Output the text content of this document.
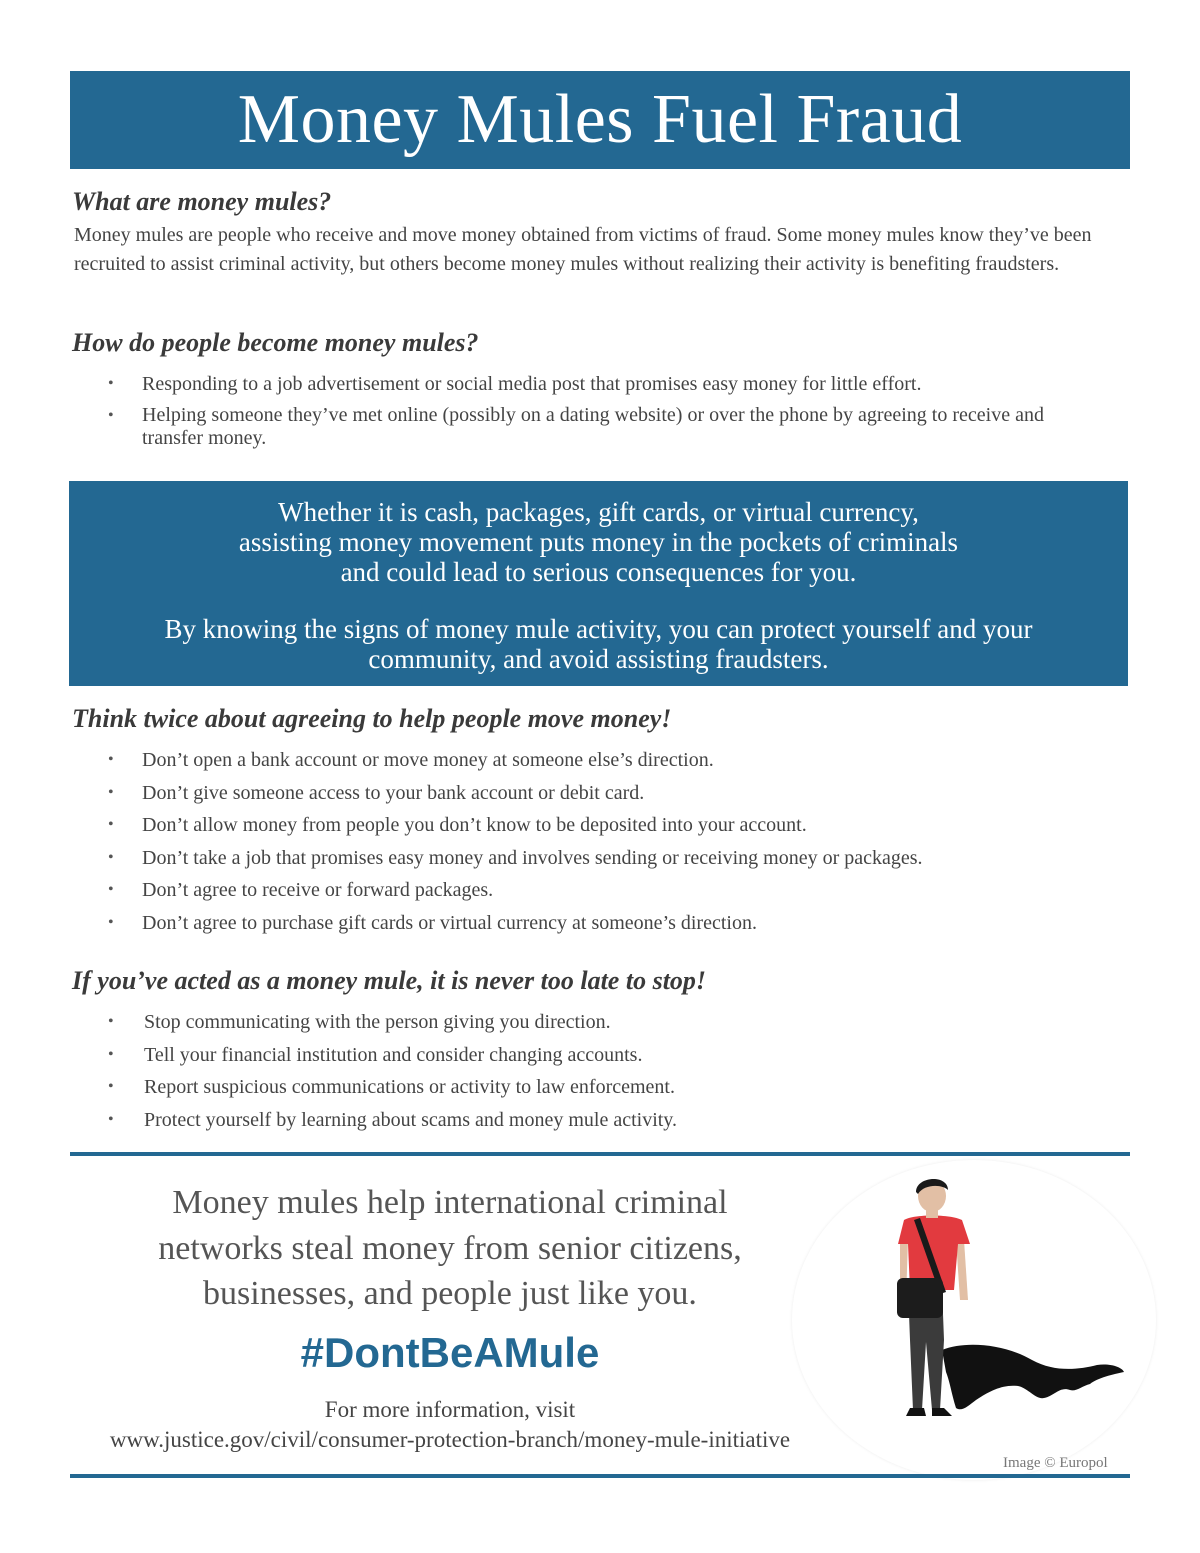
Money Mules Fuel Fraud
What are money mules?

Money mules are people who receive and move money obtained from victims of fraud. Some money mules know they’ve been recruited to assist criminal activity, but others become money mules without realizing their activity is benefiting fraudsters.

How do people become money mules?
• Responding to a job advertisement or social media post that promises easy money for little effort.
• Helping someone they’ve met online (possibly on a dating website) or over the phone by agreeing to receive and transfer money.

Whether it is cash, packages, gift cards, or virtual currency,
assisting money movement puts money in the pockets of criminals
and could lead to serious consequences for you.

By knowing the signs of money mule activity, you can protect yourself and your
community, and avoid assisting fraudsters.

Think twice about agreeing to help people move money!
• Don’t open a bank account or move money at someone else’s direction.
• Don’t give someone access to your bank account or debit card.
• Don’t allow money from people you don’t know to be deposited into your account.
• Don’t take a job that promises easy money and involves sending or receiving money or packages.
• Don’t agree to receive or forward packages.
• Don’t agree to purchase gift cards or virtual currency at someone’s direction.
If you’ve acted as a money mule, it is never too late to stop!
• Stop communicating with the person giving you direction.
• Tell your financial institution and consider changing accounts.
• Report suspicious communications or activity to law enforcement.
• Protect yourself by learning about scams and money mule activity.

Money mules help international criminal
networks steal money from senior citizens,
businesses, and people just like you.

#DontBeAMule

For more information, visit

www.justice.gov/civil/consumer-protection-branch/money-mule-initiative

Image © Europol
